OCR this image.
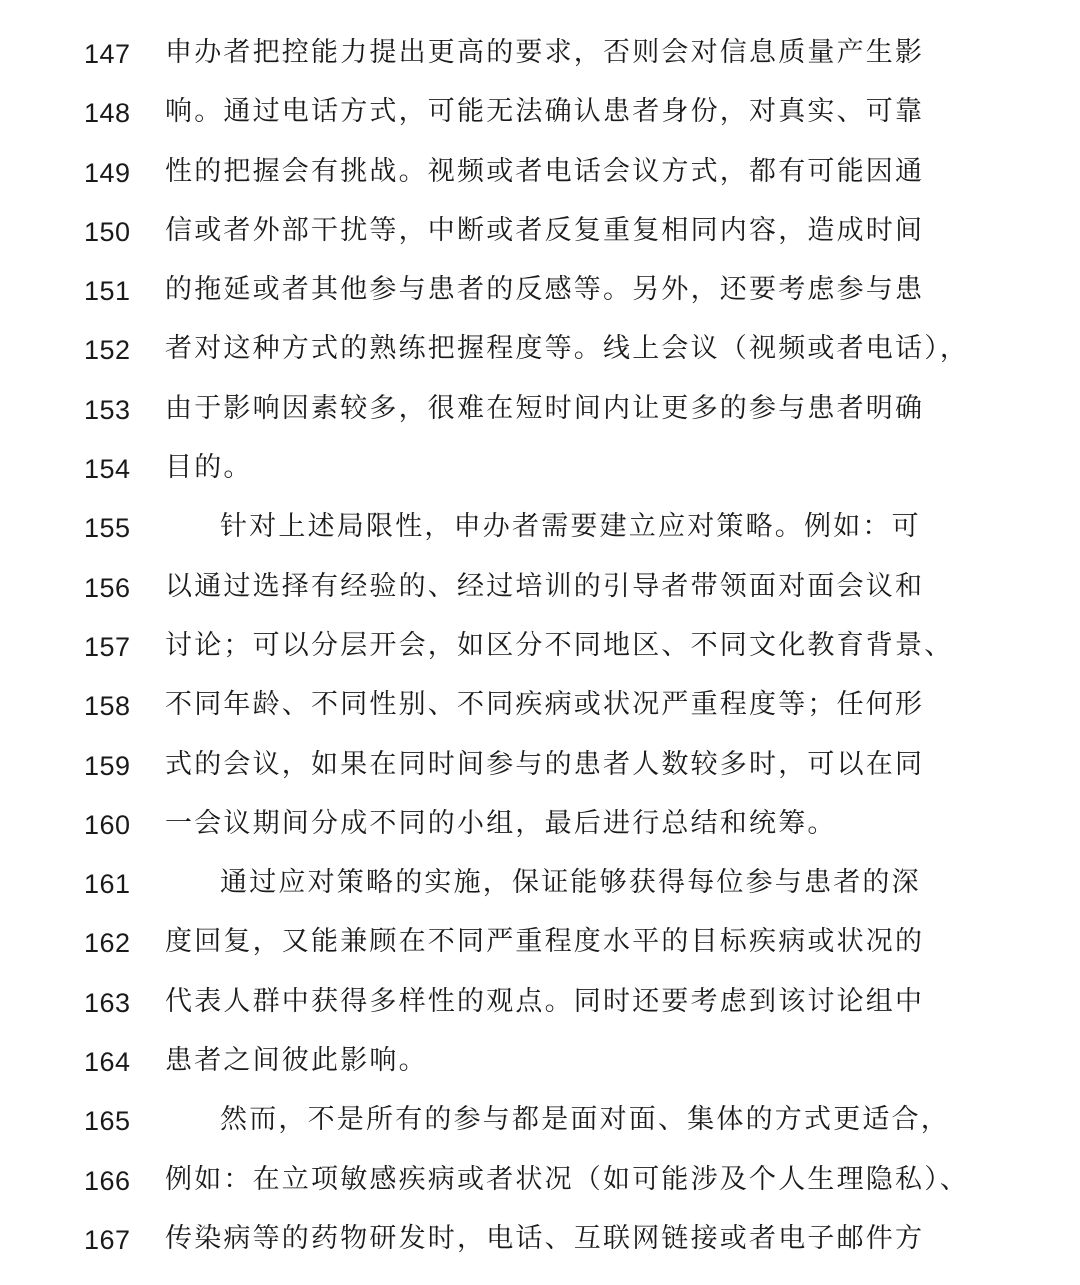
147 申办者把控能力提出更高的要求，否则会对信息质量产生影
148 响。通过电话方式，可能无法确认患者身份，对真实、可靠
149 性的把握会有挑战。视频或者电话会议方式，都有可能因通
150 信或者外部干扰等，中断或者反复重复相同内容，造成时间
151 的拖延或者其他参与患者的反感等。另外，还要考虑参与患
152 者对这种方式的熟练把握程度等。线上会议（视频或者电话），
153 由于影响因素较多，很难在短时间内让更多的参与患者明确
154 目的。
155	针对上述局限性，申办者需要建立应对策略。例如：可
156 以通过选择有经验的、经过培训的引导者带领面对面会议和
157 讨论；可以分层开会，如区分不同地区、不同文化教育背景、
158 不同年龄、不同性别、不同疾病或状况严重程度等；任何形
159 式的会议，如果在同时间参与的患者人数较多时，可以在同
160 一会议期间分成不同的小组，最后进行总结和统筹。
161	通过应对策略的实施，保证能够获得每位参与患者的深
162 度回复，又能兼顾在不同严重程度水平的目标疾病或状况的
163 代表人群中获得多样性的观点。同时还要考虑到该讨论组中
164 患者之间彼此影响。
165	然而，不是所有的参与都是面对面、集体的方式更适合，
166 例如：在立项敏感疾病或者状况（如可能涉及个人生理隐私）、
167 传染病等的药物研发时，电话、互联网链接或者电子邮件方
